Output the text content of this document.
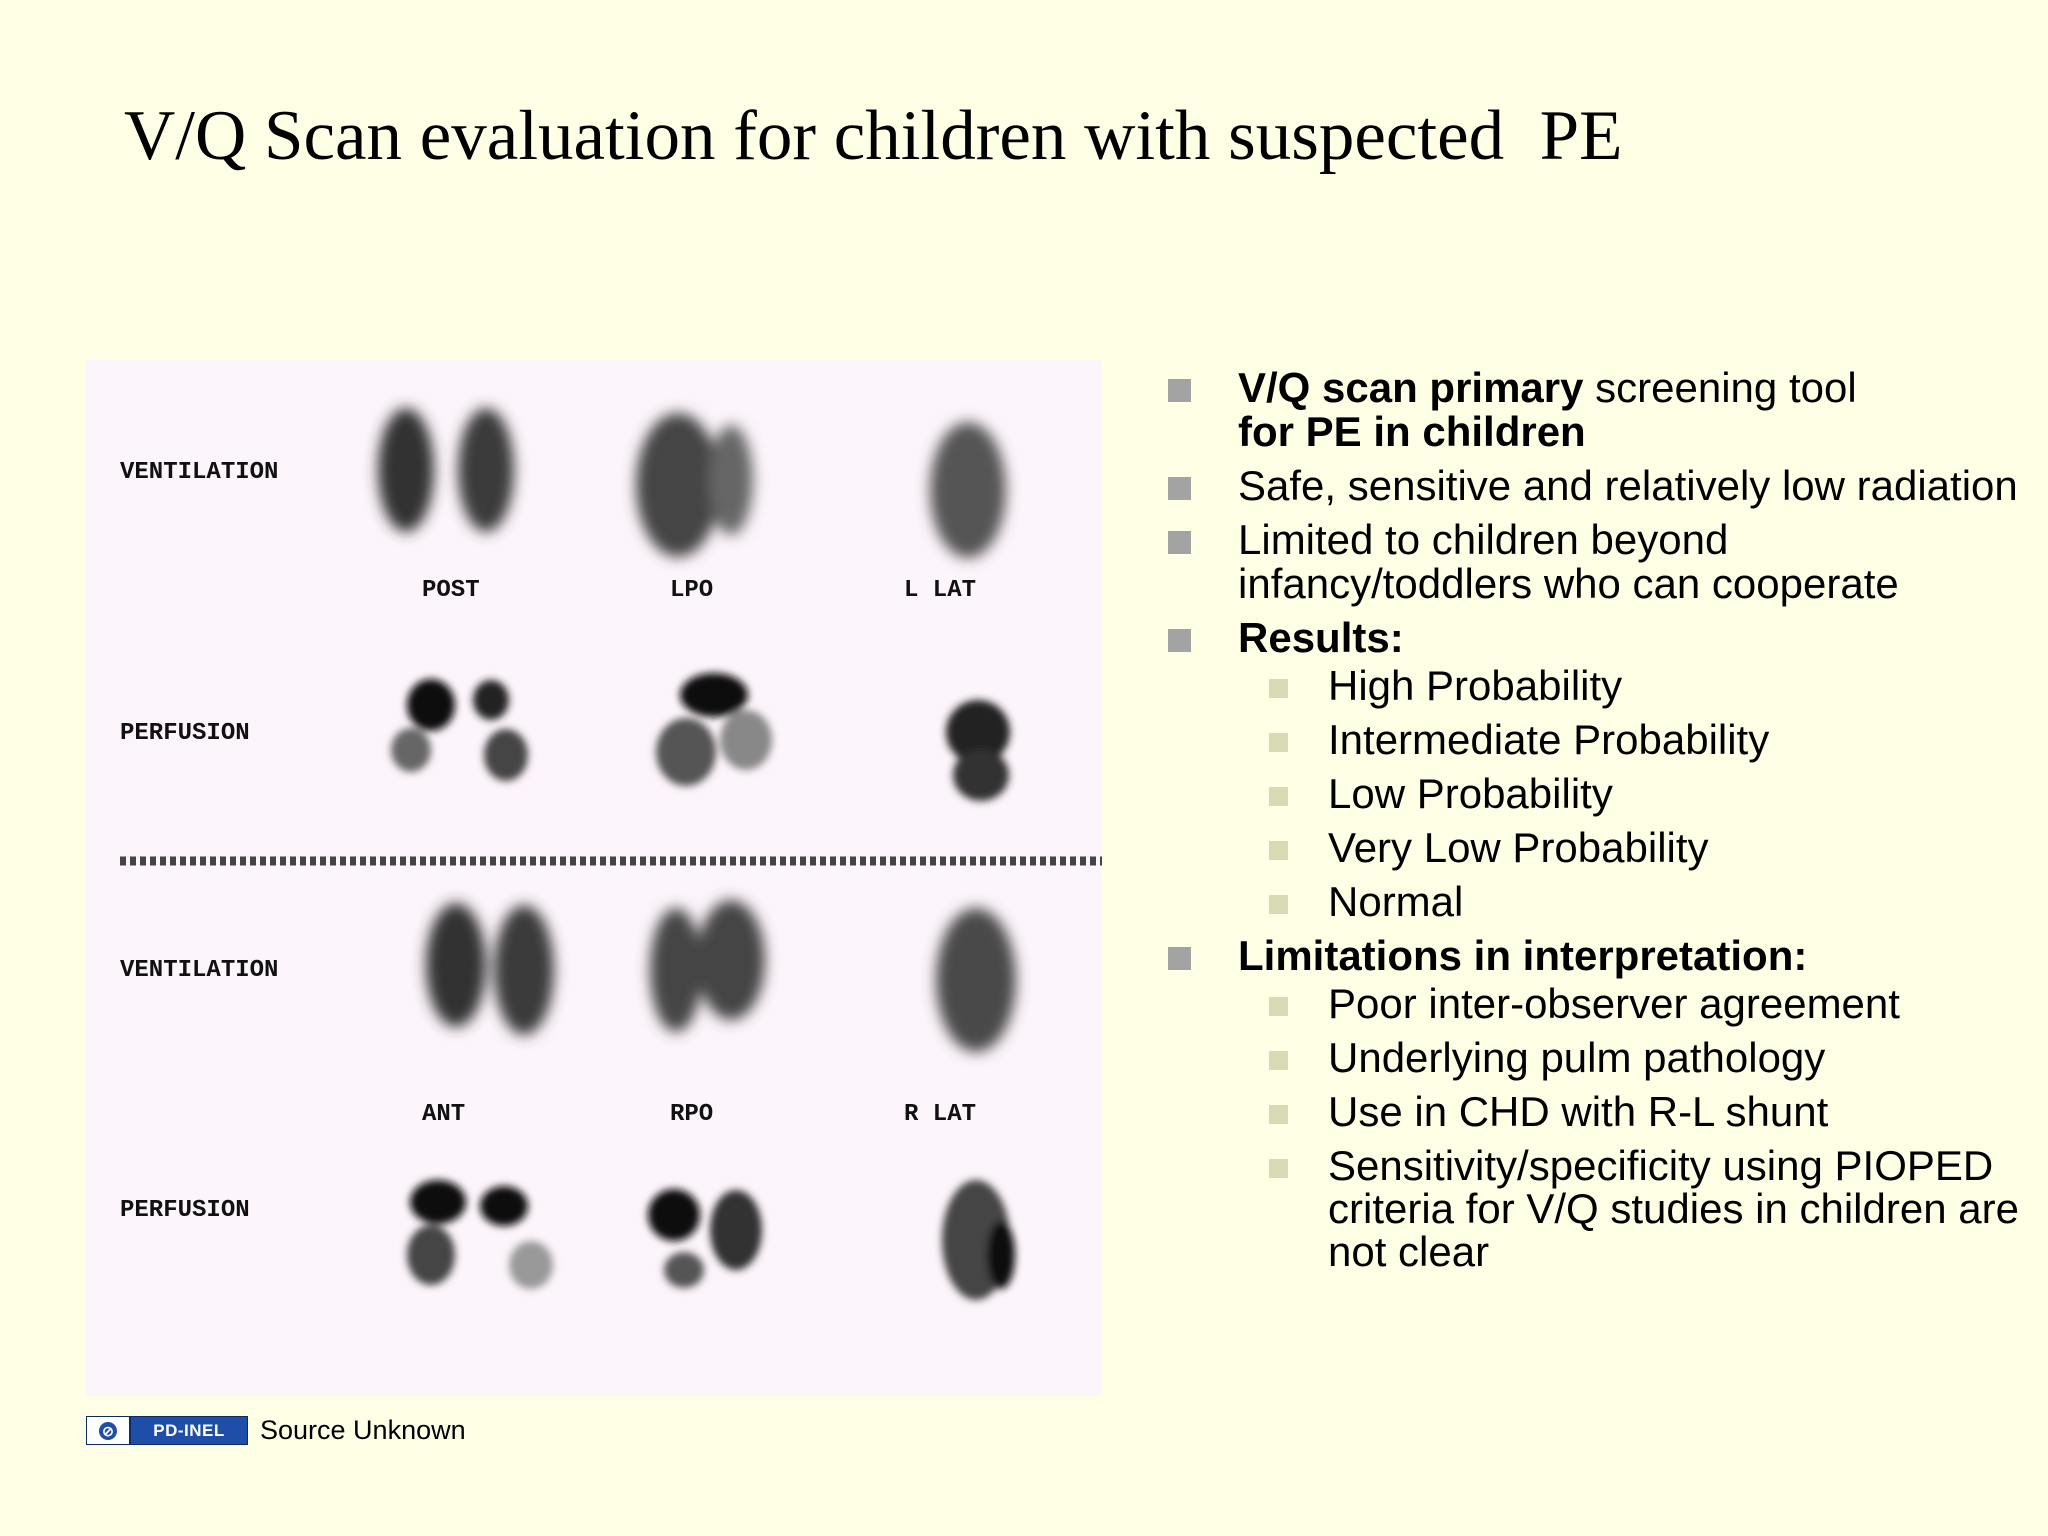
V/Q Scan evaluation for children with suspected  PE
VENTILATION
PERFUSION
VENTILATION
PERFUSION
POST	LPO	L LAT
ANT	RPO	R LAT
⊘	PD-INEL	Source Unknown
V/Q scan primary screening tool
for PE in children
Safe, sensitive and relatively low radiation
Limited to children beyond infancy/toddlers who can cooperate
Results:
High Probability
Intermediate Probability
Low Probability
Very Low Probability
Normal
Limitations in interpretation:
Poor inter-observer agreement
Underlying pulm pathology
Use in CHD with R-L shunt
Sensitivity/specificity using PIOPED criteria for V/Q studies in children are not clear
